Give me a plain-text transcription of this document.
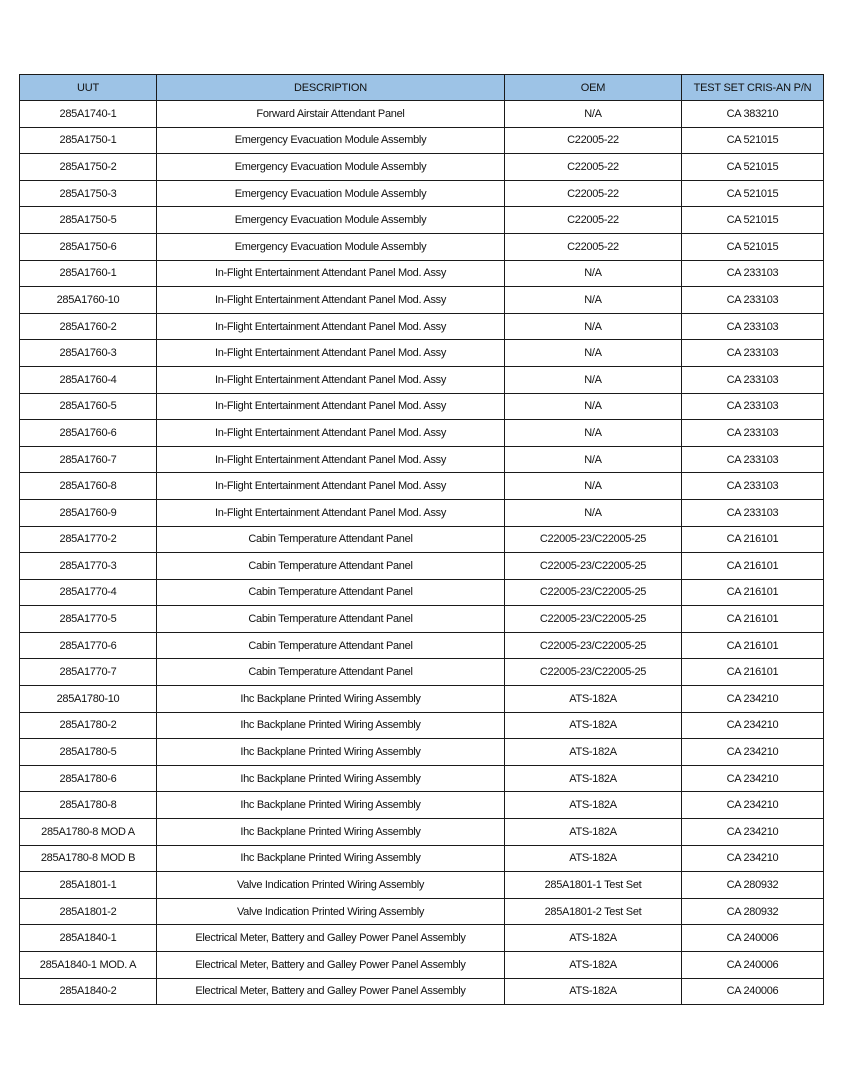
UUT	DESCRIPTION	OEM	TEST SET CRIS-AN P/N
285A1740-1	Forward Airstair Attendant Panel	N/A	CA 383210
285A1750-1	Emergency Evacuation Module Assembly	C22005-22	CA 521015
285A1750-2	Emergency Evacuation Module Assembly	C22005-22	CA 521015
285A1750-3	Emergency Evacuation Module Assembly	C22005-22	CA 521015
285A1750-5	Emergency Evacuation Module Assembly	C22005-22	CA 521015
285A1750-6	Emergency Evacuation Module Assembly	C22005-22	CA 521015
285A1760-1	In-Flight Entertainment Attendant Panel Mod. Assy	N/A	CA 233103
285A1760-10	In-Flight Entertainment Attendant Panel Mod. Assy	N/A	CA 233103
285A1760-2	In-Flight Entertainment Attendant Panel Mod. Assy	N/A	CA 233103
285A1760-3	In-Flight Entertainment Attendant Panel Mod. Assy	N/A	CA 233103
285A1760-4	In-Flight Entertainment Attendant Panel Mod. Assy	N/A	CA 233103
285A1760-5	In-Flight Entertainment Attendant Panel Mod. Assy	N/A	CA 233103
285A1760-6	In-Flight Entertainment Attendant Panel Mod. Assy	N/A	CA 233103
285A1760-7	In-Flight Entertainment Attendant Panel Mod. Assy	N/A	CA 233103
285A1760-8	In-Flight Entertainment Attendant Panel Mod. Assy	N/A	CA 233103
285A1760-9	In-Flight Entertainment Attendant Panel Mod. Assy	N/A	CA 233103
285A1770-2	Cabin Temperature Attendant Panel	C22005-23/C22005-25	CA 216101
285A1770-3	Cabin Temperature Attendant Panel	C22005-23/C22005-25	CA 216101
285A1770-4	Cabin Temperature Attendant Panel	C22005-23/C22005-25	CA 216101
285A1770-5	Cabin Temperature Attendant Panel	C22005-23/C22005-25	CA 216101
285A1770-6	Cabin Temperature Attendant Panel	C22005-23/C22005-25	CA 216101
285A1770-7	Cabin Temperature Attendant Panel	C22005-23/C22005-25	CA 216101
285A1780-10	Ihc Backplane Printed Wiring Assembly	ATS-182A	CA 234210
285A1780-2	Ihc Backplane Printed Wiring Assembly	ATS-182A	CA 234210
285A1780-5	Ihc Backplane Printed Wiring Assembly	ATS-182A	CA 234210
285A1780-6	Ihc Backplane Printed Wiring Assembly	ATS-182A	CA 234210
285A1780-8	Ihc Backplane Printed Wiring Assembly	ATS-182A	CA 234210
285A1780-8 MOD A	Ihc Backplane Printed Wiring Assembly	ATS-182A	CA 234210
285A1780-8 MOD B	Ihc Backplane Printed Wiring Assembly	ATS-182A	CA 234210
285A1801-1	Valve Indication Printed Wiring Assembly	285A1801-1 Test Set	CA 280932
285A1801-2	Valve Indication Printed Wiring Assembly	285A1801-2 Test Set	CA 280932
285A1840-1	Electrical Meter, Battery and Galley Power Panel Assembly	ATS-182A	CA 240006
285A1840-1 MOD. A	Electrical Meter, Battery and Galley Power Panel Assembly	ATS-182A	CA 240006
285A1840-2	Electrical Meter, Battery and Galley Power Panel Assembly	ATS-182A	CA 240006
